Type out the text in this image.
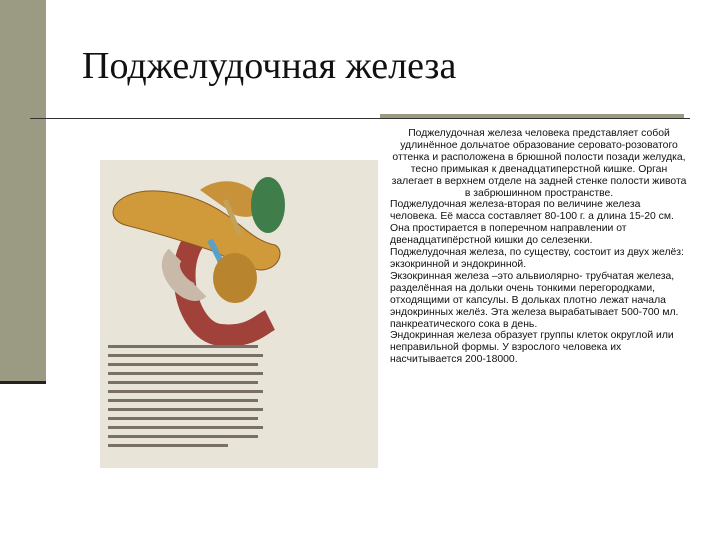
Поджелудочная железа

Поджелудочная железа человека представляет собой удлинённое дольчатое образование серовато-розоватого оттенка и расположена в брюшной полости позади желудка, тесно примыкая к двенадцатиперстной кишке. Орган залегает в верхнем отделе на задней стенке полости живота в забрюшинном пространстве.

Поджелудочная железа-вторая по величине железа человека. Её масса составляет 80-100 г. а длина 15-20 см. Она простирается в поперечном направлении от двенадцатипёрстной кишки до селезенки.

Поджелудочная железа, по существу, состоит из двух желёз: экзокринной и эндокринной.

Экзокринная железа –это альвиолярно- трубчатая железа, разделённая на дольки очень тонкими перегородками, отходящими от капсулы. В дольках плотно лежат начала эндокринных желёз. Эта железа вырабатывает 500-700 мл. панкреатического сока в день.

Эндокринная железа образует группы клеток округлой или неправильной формы. У взрослого человека их насчитывается 200-18000.
